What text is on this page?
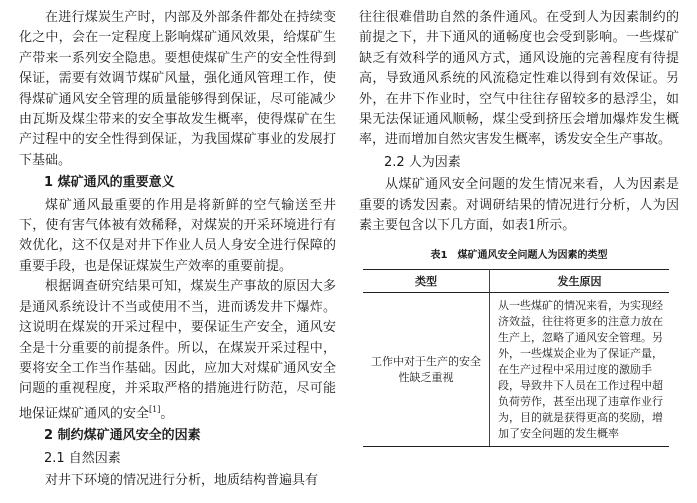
在进行煤炭生产时，内部及外部条件都处在持续变化之中，会在一定程度上影响煤矿通风效果，给煤矿生产带来一系列安全隐患。要想使煤矿生产的安全性得到保证，需要有效调节煤矿风量，强化通风管理工作，使得煤矿通风安全管理的质量能够得到保证，尽可能减少由瓦斯及煤尘带来的安全事故发生概率，使得煤矿在生产过程中的安全性得到保证，为我国煤矿事业的发展打下基础。

1 煤矿通风的重要意义

煤矿通风最重要的作用是将新鲜的空气输送至井下，使有害气体被有效稀释，对煤炭的开采环境进行有效优化，这不仅是对井下作业人员人身安全进行保障的重要手段，也是保证煤炭生产效率的重要前提。

根据调查研究结果可知，煤炭生产事故的原因大多是通风系统设计不当或使用不当，进而诱发井下爆炸。这说明在煤炭的开采过程中，要保证生产安全，通风安全是十分重要的前提条件。所以，在煤炭开采过程中，要将安全工作当作基础。因此，应加大对煤矿通风安全问题的重视程度，并采取严格的措施进行防范，尽可能地保证煤矿通风的安全[1]。

2 制约煤矿通风安全的因素
2.1 自然因素

对井下环境的情况进行分析，地质结构普遍具有

往往很难借助自然的条件通风。在受到人为因素制约的前提之下，井下通风的通畅度也会受到影响。一些煤矿缺乏有效科学的通风方式，通风设施的完善程度有待提高，导致通风系统的风流稳定性难以得到有效保证。另外，在井下作业时，空气中往往存留较多的悬浮尘，如果无法保证通风顺畅，煤尘受到挤压会增加爆炸发生概率，进而增加自然灾害发生概率，诱发安全生产事故。

2.2 人为因素

从煤矿通风安全问题的发生情况来看，人为因素是重要的诱发因素。对调研结果的情况进行分析，人为因素主要包含以下几方面，如表1所示。

表1　煤矿通风安全问题人为因素的类型
类型	发生原因
工作中对于生产的安全性缺乏重视	从一些煤矿的情况来看，为实现经济效益，往往将更多的注意力放在生产上，忽略了通风安全管理。另外，一些煤炭企业为了保证产量，在生产过程中采用过度的激励手段，导致井下人员在工作过程中超负荷劳作，甚至出现了违章作业行为，目的就是获得更高的奖励，增加了安全问题的发生概率
